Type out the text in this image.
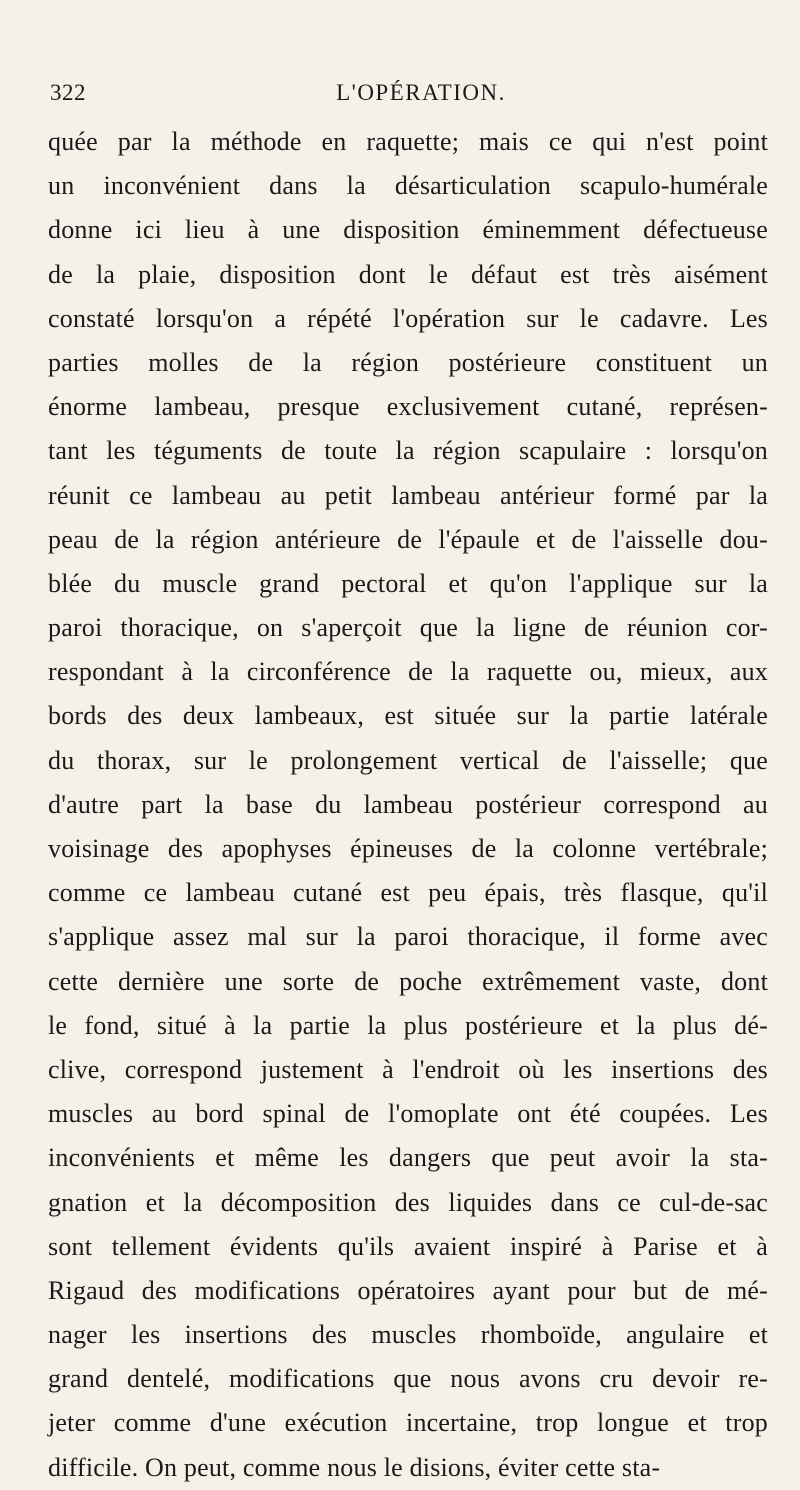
322	L'OPÉRATION.
quée par la méthode en raquette; mais ce qui n'est point
un inconvénient dans la désarticulation scapulo-humérale
donne ici lieu à une disposition éminemment défectueuse
de la plaie, disposition dont le défaut est très aisément
constaté lorsqu'on a répété l'opération sur le cadavre. Les
parties molles de la région postérieure constituent un
énorme lambeau, presque exclusivement cutané, représen-
tant les téguments de toute la région scapulaire : lorsqu'on
réunit ce lambeau au petit lambeau antérieur formé par la
peau de la région antérieure de l'épaule et de l'aisselle dou-
blée du muscle grand pectoral et qu'on l'applique sur la
paroi thoracique, on s'aperçoit que la ligne de réunion cor-
respondant à la circonférence de la raquette ou, mieux, aux
bords des deux lambeaux, est située sur la partie latérale
du thorax, sur le prolongement vertical de l'aisselle; que
d'autre part la base du lambeau postérieur correspond au
voisinage des apophyses épineuses de la colonne vertébrale;
comme ce lambeau cutané est peu épais, très flasque, qu'il
s'applique assez mal sur la paroi thoracique, il forme avec
cette dernière une sorte de poche extrêmement vaste, dont
le fond, situé à la partie la plus postérieure et la plus dé-
clive, correspond justement à l'endroit où les insertions des
muscles au bord spinal de l'omoplate ont été coupées. Les
inconvénients et même les dangers que peut avoir la sta-
gnation et la décomposition des liquides dans ce cul-de-sac
sont tellement évidents qu'ils avaient inspiré à Parise et à
Rigaud des modifications opératoires ayant pour but de mé-
nager les insertions des muscles rhomboïde, angulaire et
grand dentelé, modifications que nous avons cru devoir re-
jeter comme d'une exécution incertaine, trop longue et trop
difficile. On peut, comme nous le disions, éviter cette sta-
